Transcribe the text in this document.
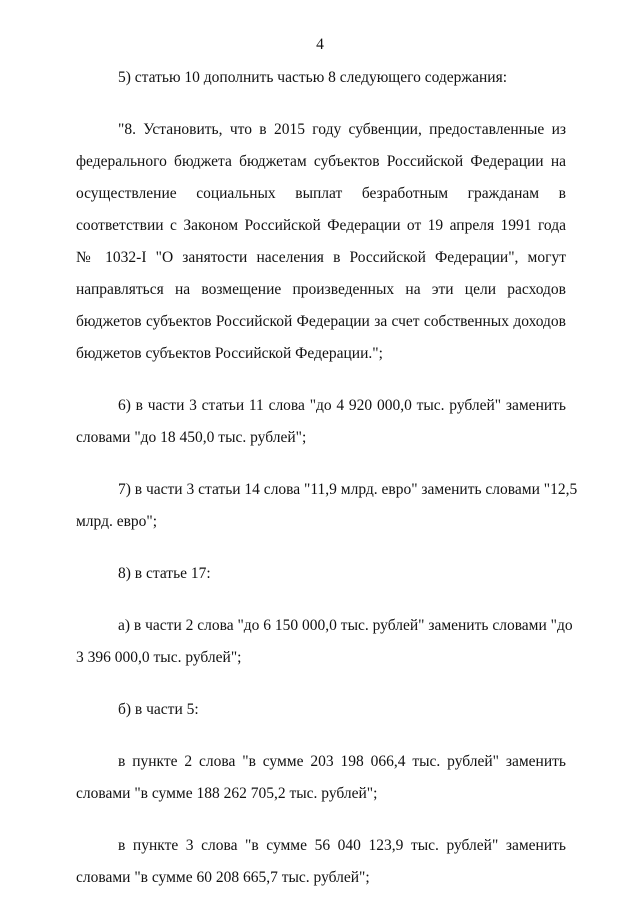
4
5) статью 10 дополнить частью 8 следующего содержания:
"8. Установить, что в 2015 году субвенции, предоставленные из
федерального бюджета бюджетам субъектов Российской Федерации на
осуществление социальных выплат безработным гражданам в
соответствии с Законом Российской Федерации от 19 апреля 1991 года
№ 1032-I "О занятости населения в Российской Федерации", могут
направляться на возмещение произведенных на эти цели расходов
бюджетов субъектов Российской Федерации за счет собственных доходов
бюджетов субъектов Российской Федерации.";
6) в части 3 статьи 11 слова "до 4 920 000,0 тыс. рублей" заменить
словами "до 18 450,0 тыс. рублей";
7) в части 3 статьи 14 слова "11,9 млрд. евро" заменить словами "12,5
млрд. евро";
8) в статье 17:
а) в части 2 слова "до 6 150 000,0 тыс. рублей" заменить словами "до
3 396 000,0 тыс. рублей";
б) в части 5:
в пункте 2 слова "в сумме 203 198 066,4 тыс. рублей" заменить
словами "в сумме 188 262 705,2 тыс. рублей";
в пункте 3 слова "в сумме 56 040 123,9 тыс. рублей" заменить
словами "в сумме 60 208 665,7 тыс. рублей";
